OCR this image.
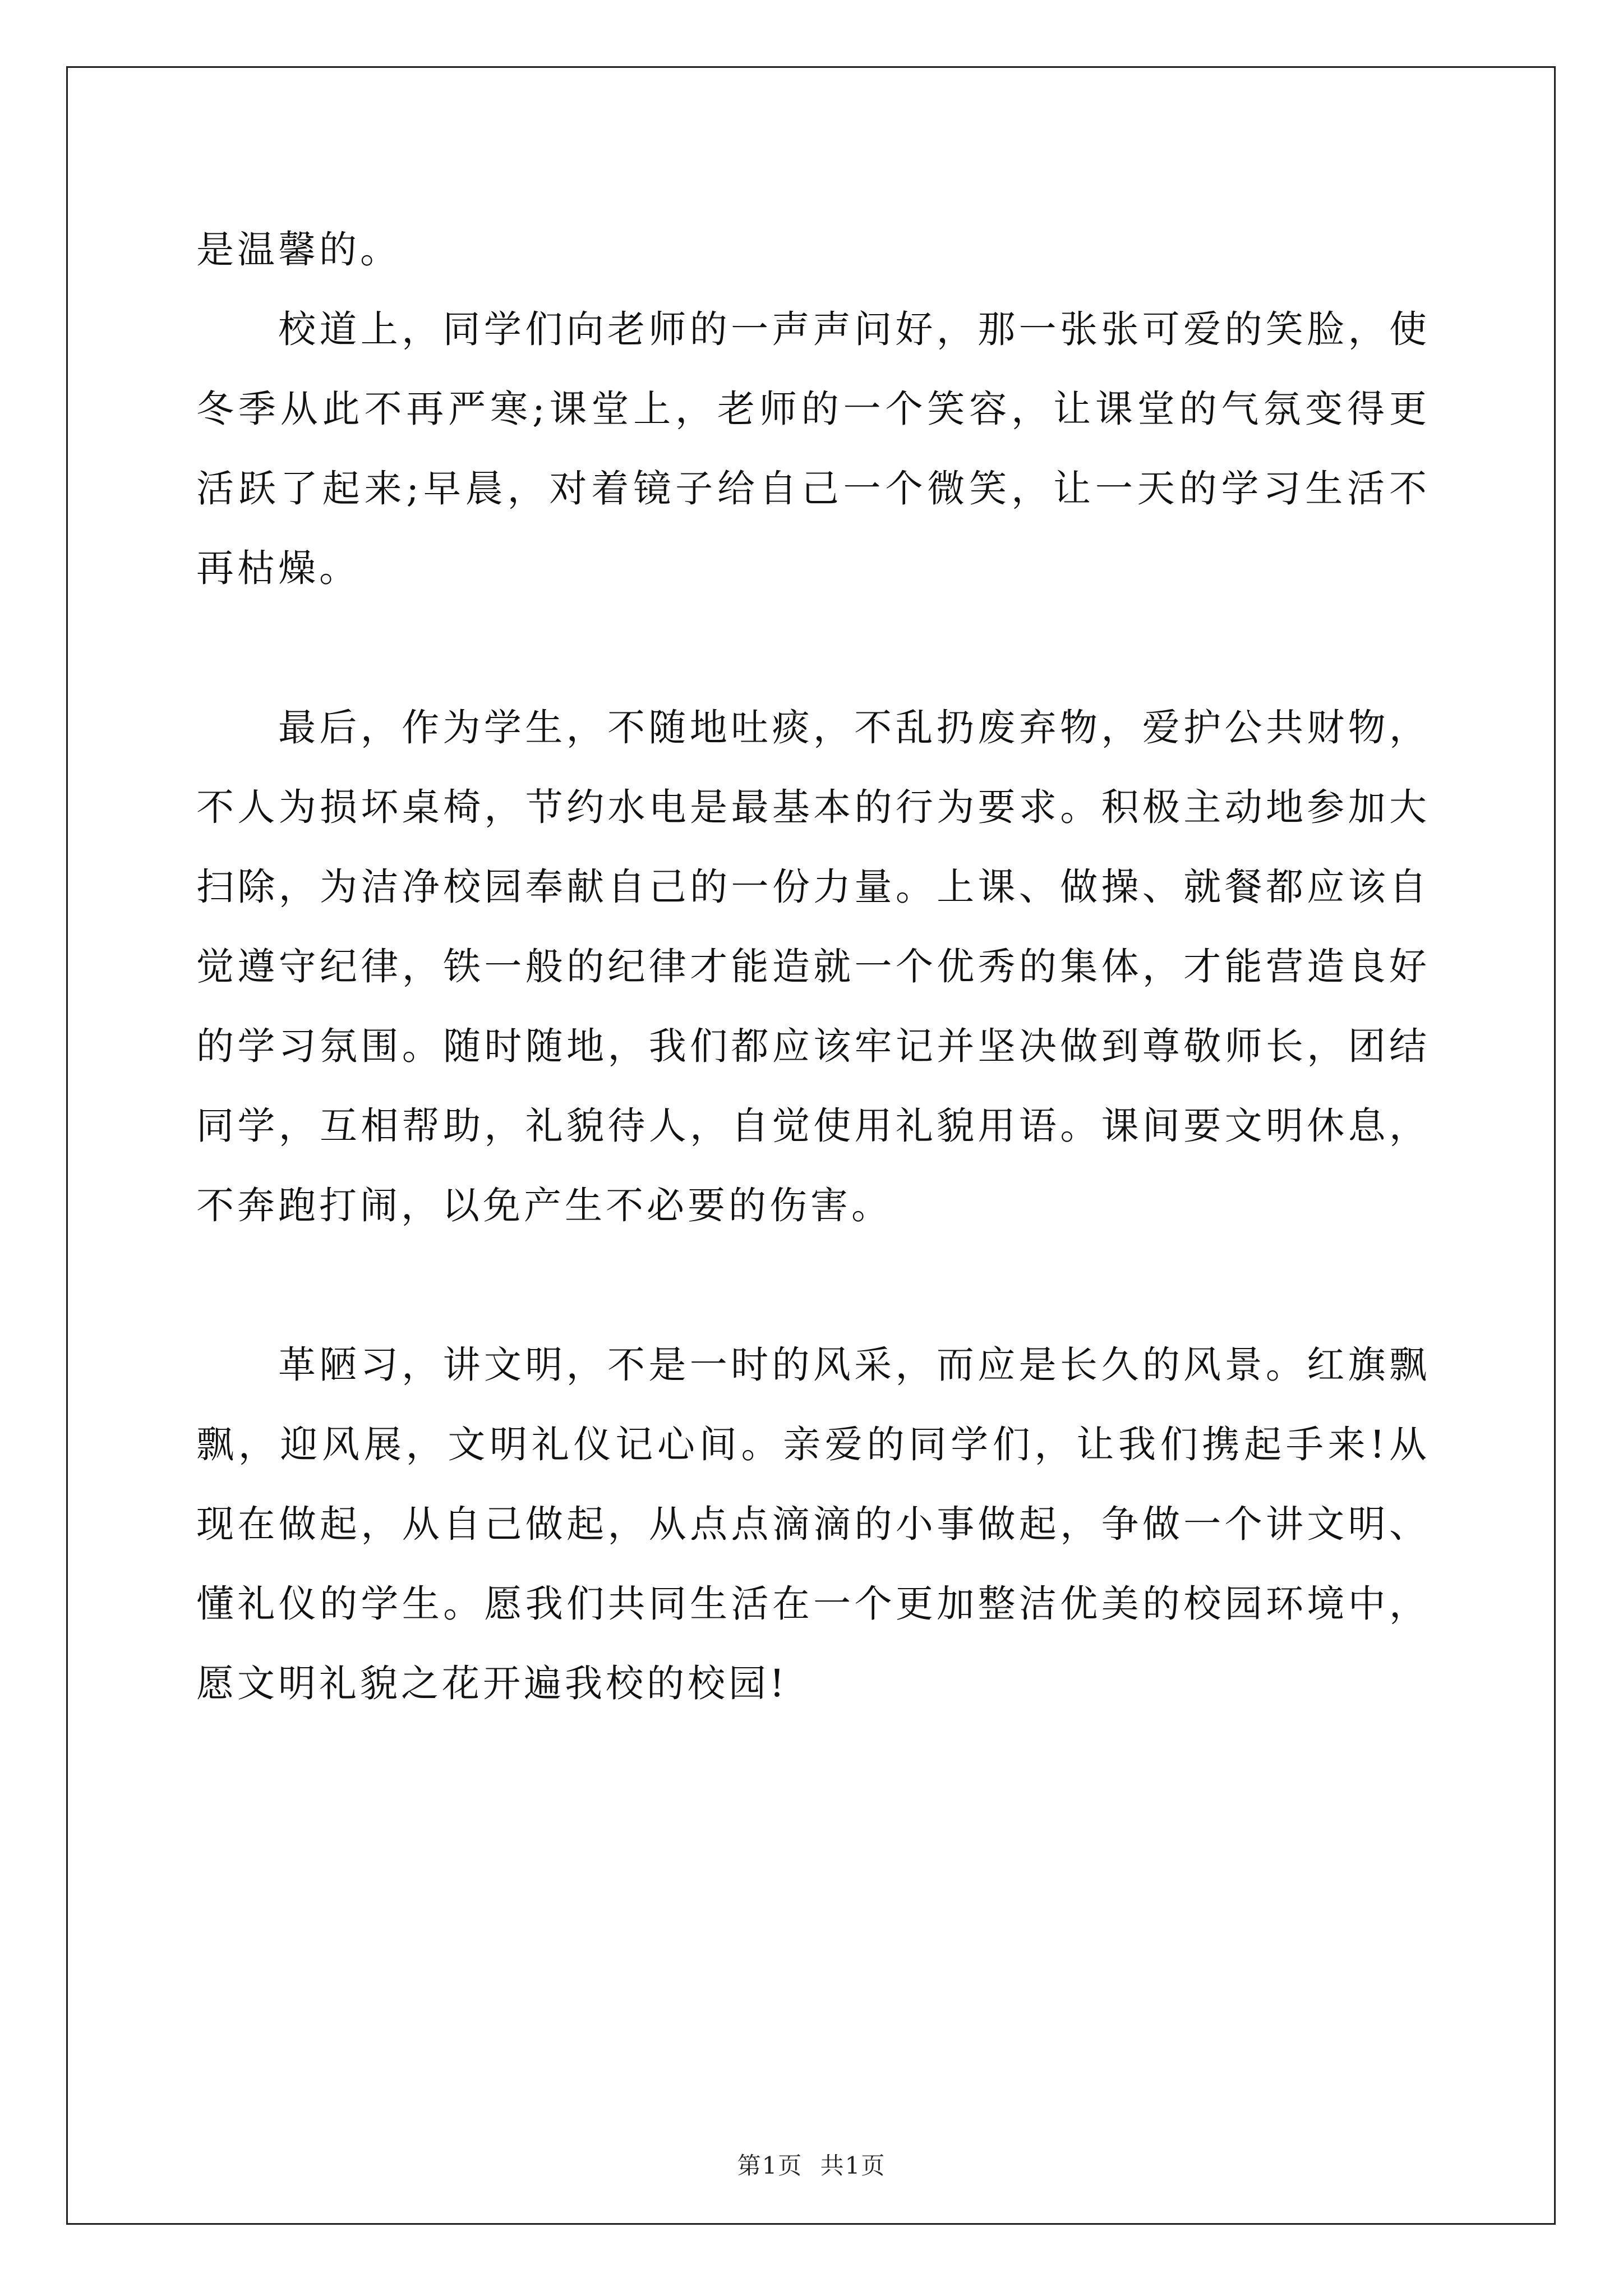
是温馨的。

校道上，同学们向老师的一声声问好，那一张张可爱的笑脸，使冬季从此不再严寒;课堂上，老师的一个笑容，让课堂的气氛变得更活跃了起来;早晨，对着镜子给自己一个微笑，让一天的学习生活不再枯燥。

最后，作为学生，不随地吐痰，不乱扔废弃物，爱护公共财物，不人为损坏桌椅，节约水电是最基本的行为要求。积极主动地参加大扫除，为洁净校园奉献自己的一份力量。上课、做操、就餐都应该自觉遵守纪律，铁一般的纪律才能造就一个优秀的集体，才能营造良好的学习氛围。随时随地，我们都应该牢记并坚决做到尊敬师长，团结同学，互相帮助，礼貌待人，自觉使用礼貌用语。课间要文明休息，不奔跑打闹，以免产生不必要的伤害。

革陋习，讲文明，不是一时的风采，而应是长久的风景。红旗飘飘，迎风展，文明礼仪记心间。亲爱的同学们，让我们携起手来!从现在做起，从自己做起，从点点滴滴的小事做起，争做一个讲文明、懂礼仪的学生。愿我们共同生活在一个更加整洁优美的校园环境中，愿文明礼貌之花开遍我校的校园!

第1页 共1页
